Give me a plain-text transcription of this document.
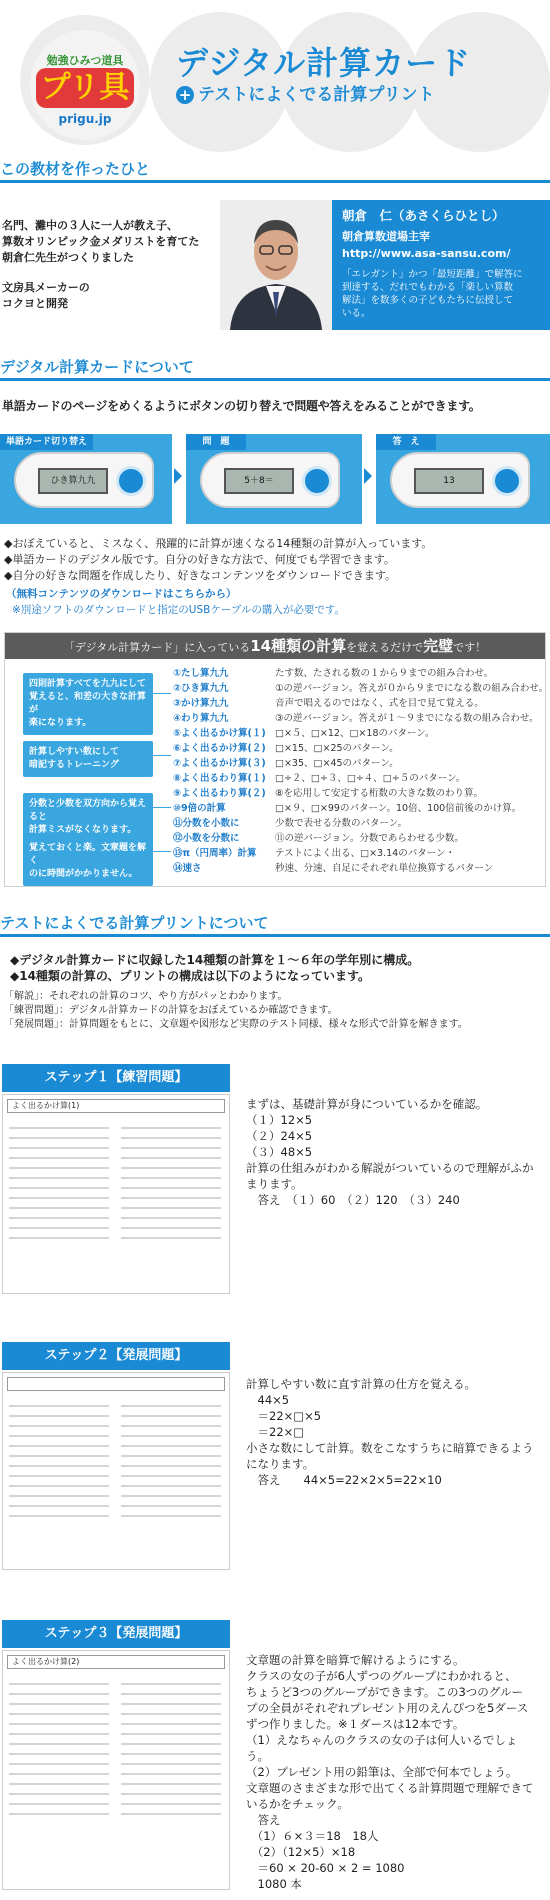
勉強ひみつ道具
プリ具
prigu.jp
デジタル計算カード
+ テストによくでる計算プリント
この教材を作ったひと
名門、灘中の３人に一人が教え子、
算数オリンピック金メダリストを育てた
朝倉仁先生がつくりました
文房具メーカーの
コクヨと開発
朝倉　仁（あさくらひとし）
朝倉算数道場主宰
http://www.asa-sansu.com/
「エレガント」かつ「最短距離」で解答に
到達する、だれでもわかる「楽しい算数
解法」を数多くの子どもたちに伝授して
いる。
デジタル計算カードについて
単語カードのページをめくるようにボタンの切り替えで問題や答えをみることができます。
単語カード切り替え
ひき算九九
問　題
5＋8＝
答　え
13
◆おぼえていると、ミスなく、飛躍的に計算が速くなる14種類の計算が入っています。
◆単語カードのデジタル版です。自分の好きな方法で、何度でも学習できます。
◆自分の好きな問題を作成したり、好きなコンテンツをダウンロードできます。
（無料コンテンツのダウンロードはこちらから）
※別途ソフトのダウンロードと指定のUSBケーブルの購入が必要です。
「デジタル計算カード」に入っている14種類の計算を覚えるだけで完璧です！
四則計算すべてを九九にして
覚えると、和差の大きな計算が
楽になります。
計算しやすい数にして
暗記するトレーニング
分数と少数を双方向から覚えると
計算ミスがなくなります。
覚えておくと楽。文章題を解く
のに時間がかかりません。
①たし算九九	たす数、たされる数の１から９までの組み合わせ。
②ひき算九九	①の逆バージョン。答えが０から９までになる数の組み合わせ。
③かけ算九九	音声で唱えるのではなく、式を目で見て覚える。
④わり算九九	③の逆バージョン。答えが１～９までになる数の組み合わせ。
⑤よく出るかけ算(１) □×５、□×12、□×18のパターン。
⑥よく出るかけ算(２) □×15、□×25のパターン。
⑦よく出るかけ算(３) □×35、□×45のパターン。
⑧よく出るわり算(１) □÷２、□÷３、□÷４、□÷５のパターン。
⑨よく出るわり算(２) ⑧を応用して安定する桁数の大きな数のわり算。
⑩9倍の計算	□×９、□×99のパターン。10倍、100倍前後のかけ算。
⑪分数を小数に	少数で表せる分数のパターン。
⑫小数を分数に	⑪の逆バージョン。分数であらわせる少数。
⑬π（円周率）計算 テストによく出る、□×3.14のパターン・
⑭速さ	秒速、分速、自足にそれぞれ単位換算するパターン
テストによくでる計算プリントについて
◆デジタル計算カードに収録した14種類の計算を１～６年の学年別に構成。
◆14種類の計算の、プリントの構成は以下のようになっています。
「解説」：それぞれの計算のコツ、やり方がパッとわかります。
「練習問題」：デジタル計算カードの計算をおぼえているか確認できます。
「発展問題」：計算問題をもとに、文章題や図形など実際のテスト同様、様々な形式で計算を解きます。
ステップ１【練習問題】
よく出るかけ算(1)	まずは、基礎計算が身についているかを確認。
（１）12×5
（２）24×5
（３）48×5
計算の仕組みがわかる解説がついているので理解がふか
まります。
　答え　（１）60　（２）120　（３）240
ステップ２【発展問題】
計算しやすい数に直す計算の仕方を覚える。
　44×5
　＝22×□×5
　＝22×□
小さな数にして計算。数をこなすうちに暗算できるよう
になります。
　答え　　44×5=22×2×5=22×10
ステップ３【発展問題】
よく出るかけ算(2)	文章題の計算を暗算で解けるようにする。
クラスの女の子が6人ずつのグループにわかれると、
ちょうど3つのグループができます。この3つのグルー
プの全員がそれぞれプレゼント用のえんぴつを5ダース
ずつ作りました。※１ダースは12本です。
（1）えなちゃんのクラスの女の子は何人いるでしょ
う。
（2）プレゼント用の鉛筆は、全部で何本でしょう。
文章題のさまざまな形で出てくる計算問題で理解できて
いるかをチェック。
　答え
　（1）６×３＝18　18人
　（2）（12×5）×18
　＝60 × 20-60 × 2 = 1080
　1080 本
